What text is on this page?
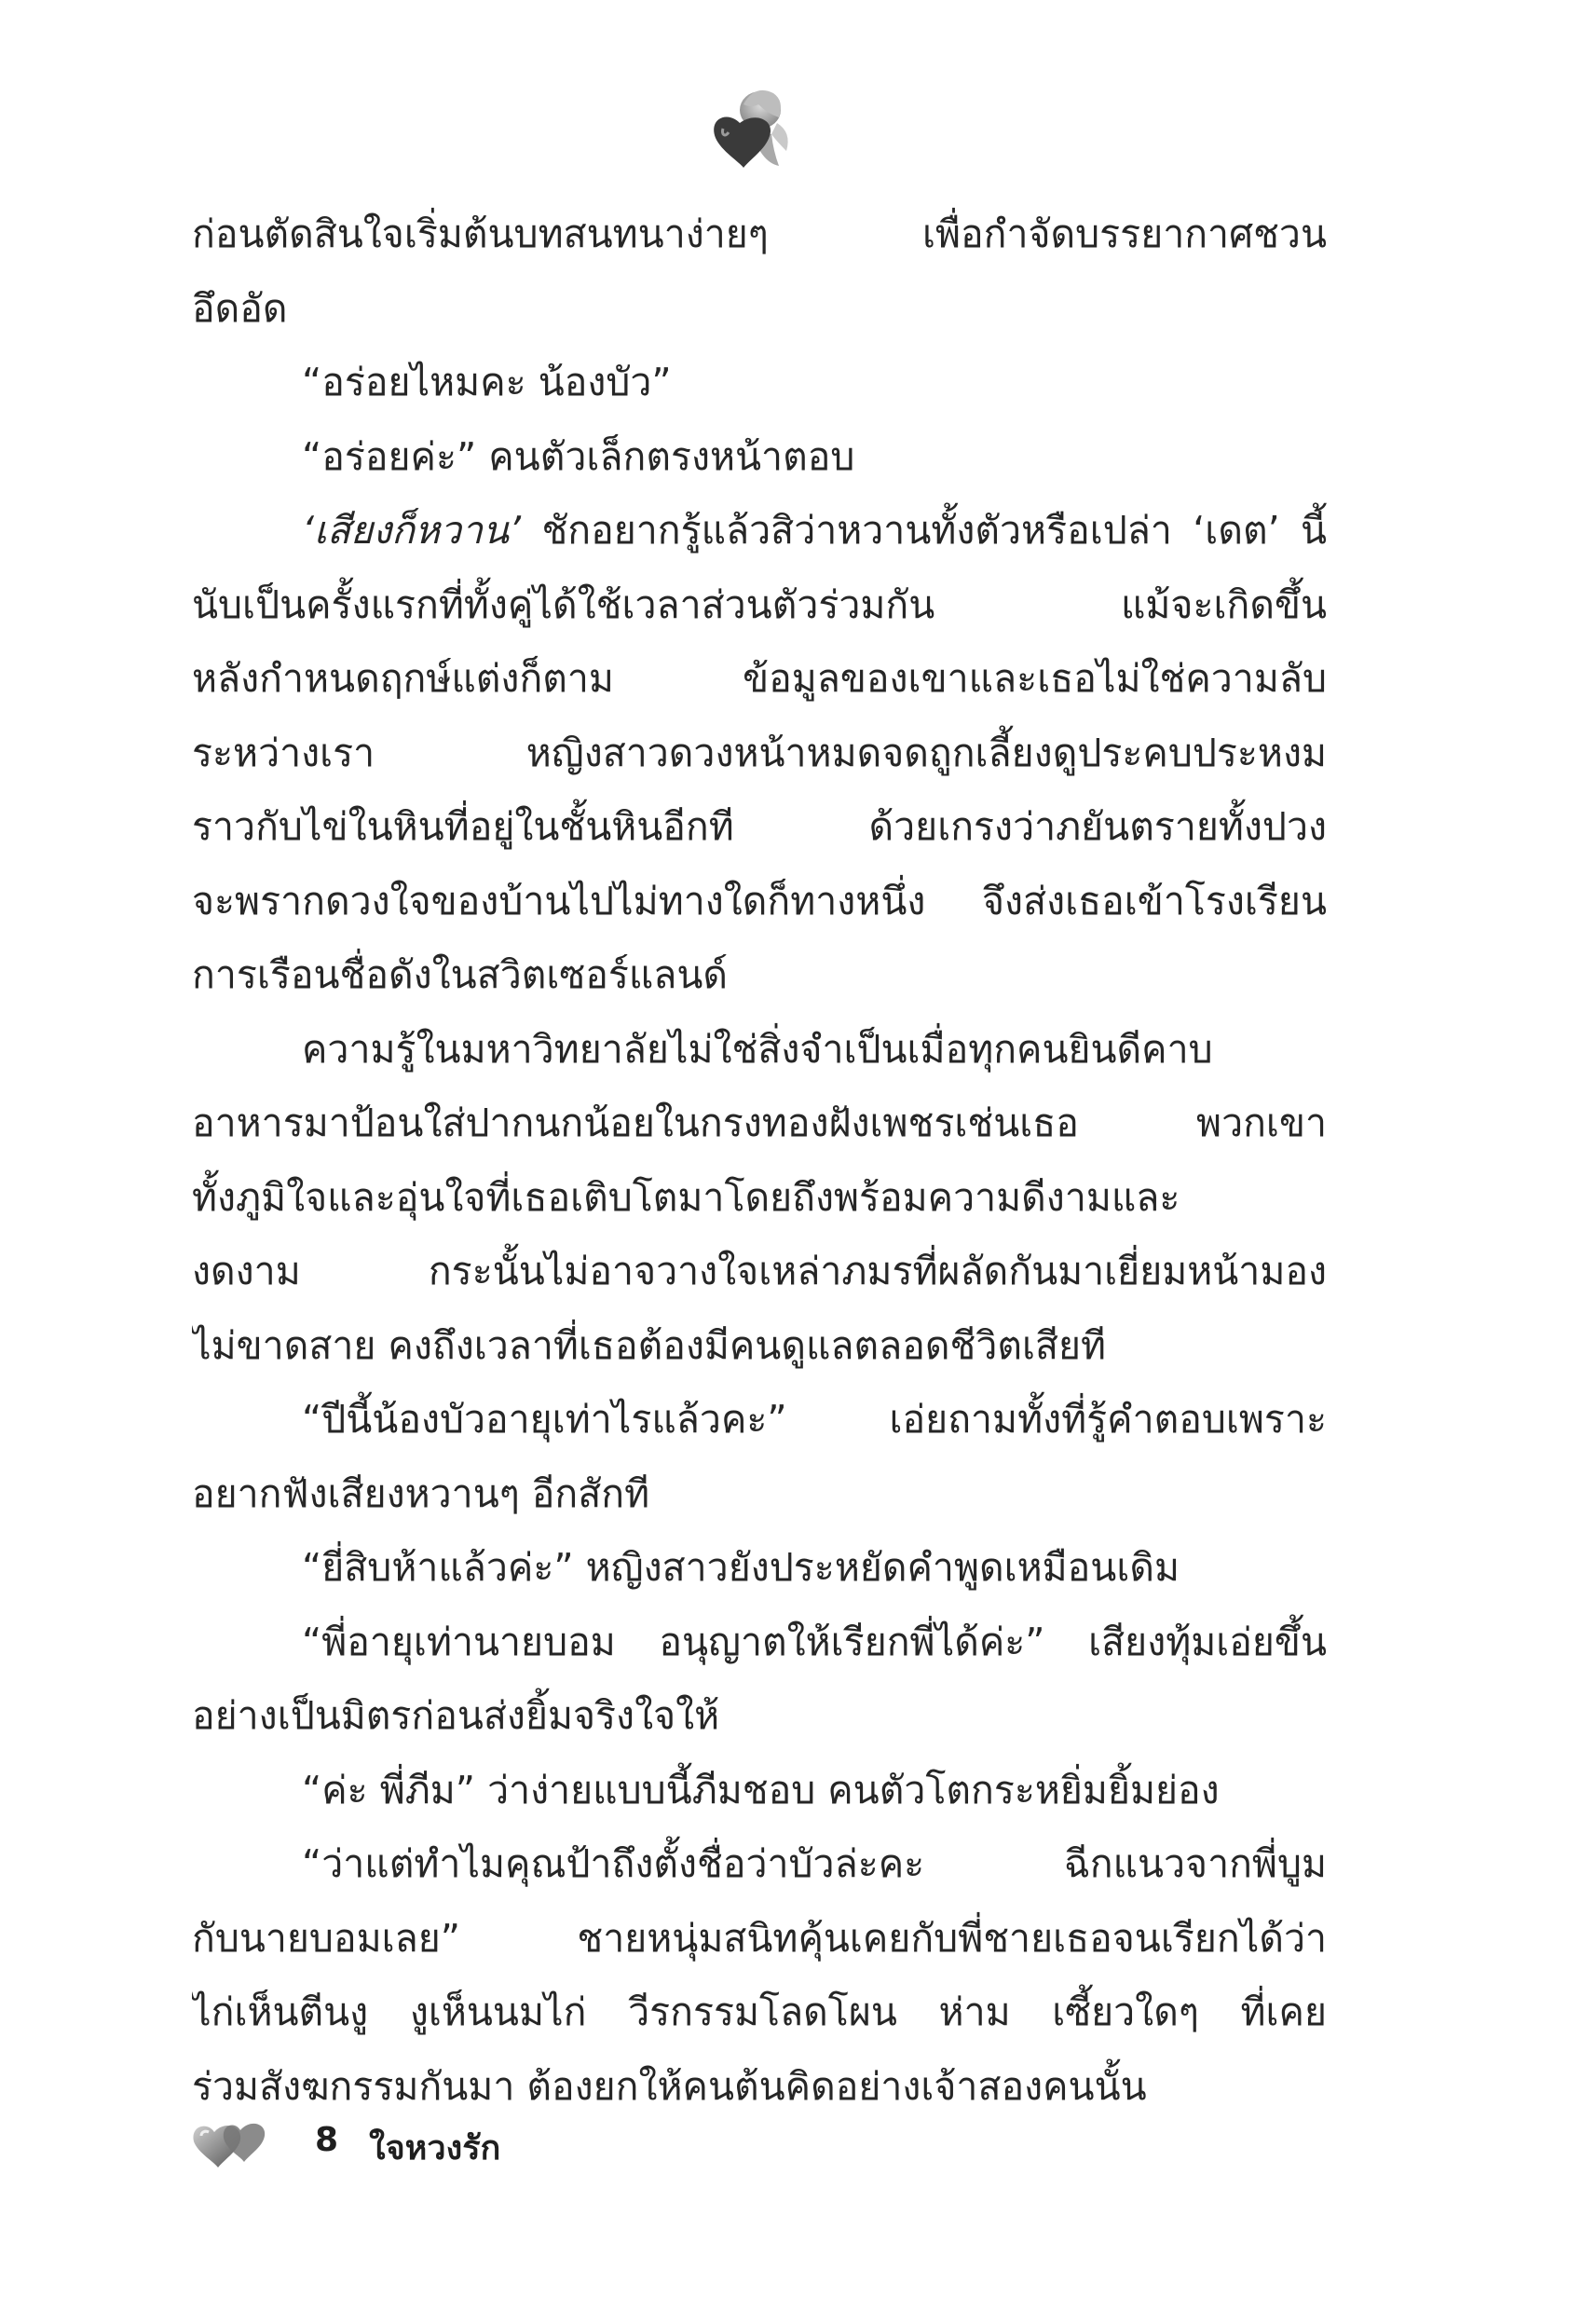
ก่อนตัดสินใจเริ่มต้นบทสนทนาง่ายๆ เพื่อกำจัดบรรยากาศชวน
อึดอัด
“อร่อยไหมคะ น้องบัว”
“อร่อยค่ะ” คนตัวเล็กตรงหน้าตอบ
‘เสียงก็หวาน’ ชักอยากรู้แล้วสิว่าหวานทั้งตัวหรือเปล่า ‘เดต’ นี้
นับเป็นครั้งแรกที่ทั้งคู่ได้ใช้เวลาส่วนตัวร่วมกัน แม้จะเกิดขึ้น
หลังกำหนดฤกษ์แต่งก็ตาม ข้อมูลของเขาและเธอไม่ใช่ความลับ
ระหว่างเรา หญิงสาวดวงหน้าหมดจดถูกเลี้ยงดูประคบประหงม
ราวกับไข่ในหินที่อยู่ในชั้นหินอีกที ด้วยเกรงว่าภยันตรายทั้งปวง
จะพรากดวงใจของบ้านไปไม่ทางใดก็ทางหนึ่ง จึงส่งเธอเข้าโรงเรียน
การเรือนชื่อดังในสวิตเซอร์แลนด์
ความรู้ในมหาวิทยาลัยไม่ใช่สิ่งจำเป็นเมื่อทุกคนยินดีคาบ
อาหารมาป้อนใส่ปากนกน้อยในกรงทองฝังเพชรเช่นเธอ พวกเขา
ทั้งภูมิใจและอุ่นใจที่เธอเติบโตมาโดยถึงพร้อมความดีงามและ
งดงาม กระนั้นไม่อาจวางใจเหล่าภมรที่ผลัดกันมาเยี่ยมหน้ามอง
ไม่ขาดสาย คงถึงเวลาที่เธอต้องมีคนดูแลตลอดชีวิตเสียที
“ปีนี้น้องบัวอายุเท่าไรแล้วคะ” เอ่ยถามทั้งที่รู้คำตอบเพราะ
อยากฟังเสียงหวานๆ อีกสักที
“ยี่สิบห้าแล้วค่ะ” หญิงสาวยังประหยัดคำพูดเหมือนเดิม
“พี่อายุเท่านายบอม อนุญาตให้เรียกพี่ได้ค่ะ” เสียงทุ้มเอ่ยขึ้น
อย่างเป็นมิตรก่อนส่งยิ้มจริงใจให้
“ค่ะ พี่ภีม” ว่าง่ายแบบนี้ภีมชอบ คนตัวโตกระหยิ่มยิ้มย่อง
“ว่าแต่ทำไมคุณป้าถึงตั้งชื่อว่าบัวล่ะคะ ฉีกแนวจากพี่บูม
กับนายบอมเลย” ชายหนุ่มสนิทคุ้นเคยกับพี่ชายเธอจนเรียกได้ว่า
ไก่เห็นตีนงู งูเห็นนมไก่ วีรกรรมโลดโผน ห่าม เซี้ยวใดๆ ที่เคย
ร่วมสังฆกรรมกันมา ต้องยกให้คนต้นคิดอย่างเจ้าสองคนนั้น
8 ใจหวงรัก
